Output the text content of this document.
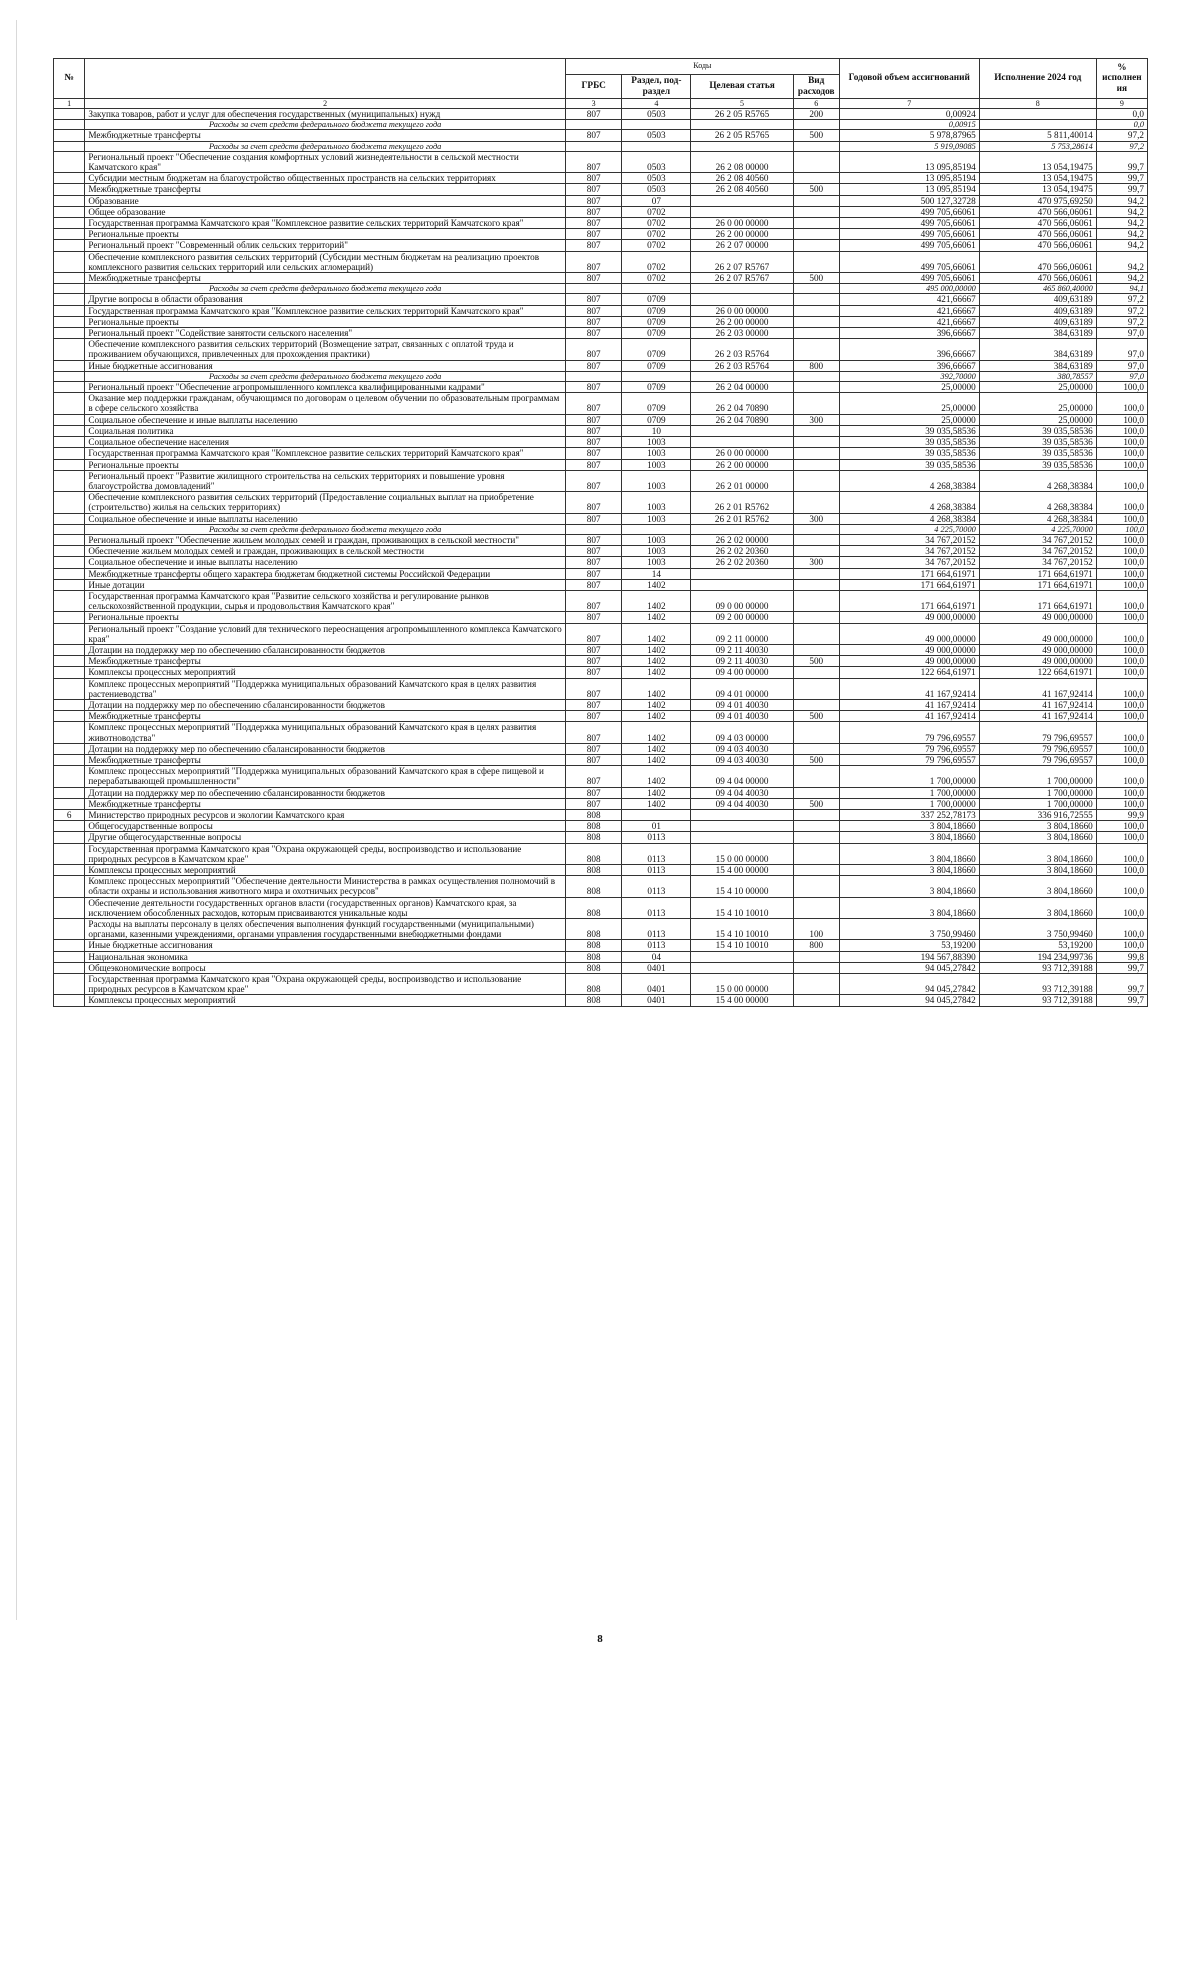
№		Коды				Годовой объем ассигнований	Исполнение 2024 год	% исполнения
		ГРБС	Раздел, под-раздел	Целевая статья	Вид расходов			
1	2	3	4	5	6	7	8	9
	Закупка товаров, работ и услуг для обеспечения государственных (муниципальных) нужд	807	0503	26 2 05 R5765	200	0,00924		0,0
	Расходы за счет средств федерального бюджета текущего года					0,00915		0,0
	Межбюджетные трансферты	807	0503	26 2 05 R5765	500	5 978,87965	5 811,40014	97,2
	Расходы за счет средств федерального бюджета текущего года					5 919,09085	5 753,28614	97,2
	Региональный проект "Обеспечение создания комфортных условий жизнедеятельности в сельской местности Камчатского края"	807	0503	26 2 08 00000		13 095,85194	13 054,19475	99,7
	Субсидии местным бюджетам на благоустройство общественных пространств на сельских территориях	807	0503	26 2 08 40560		13 095,85194	13 054,19475	99,7
	Межбюджетные трансферты	807	0503	26 2 08 40560	500	13 095,85194	13 054,19475	99,7
	Образование	807	07			500 127,32728	470 975,69250	94,2
	Общее образование	807	0702			499 705,66061	470 566,06061	94,2
	Государственная программа Камчатского края "Комплексное развитие сельских территорий Камчатского края"	807	0702	26 0 00 00000		499 705,66061	470 566,06061	94,2
	Региональные проекты	807	0702	26 2 00 00000		499 705,66061	470 566,06061	94,2
	Региональный проект "Современный облик сельских территорий"	807	0702	26 2 07 00000		499 705,66061	470 566,06061	94,2
	Обеспечение комплексного развития сельских территорий (Субсидии местным бюджетам на реализацию проектов комплексного развития сельских территорий или сельских агломераций)	807	0702	26 2 07 R5767		499 705,66061	470 566,06061	94,2
	Межбюджетные трансферты	807	0702	26 2 07 R5767	500	499 705,66061	470 566,06061	94,2
	Расходы за счет средств федерального бюджета текущего года					495 000,00000	465 860,40000	94,1
	Другие вопросы в области образования	807	0709			421,66667	409,63189	97,2
	Государственная программа Камчатского края "Комплексное развитие сельских территорий Камчатского края"	807	0709	26 0 00 00000		421,66667	409,63189	97,2
	Региональные проекты	807	0709	26 2 00 00000		421,66667	409,63189	97,2
	Региональный проект "Содействие занятости сельского населения"	807	0709	26 2 03 00000		396,66667	384,63189	97,0
	Обеспечение комплексного развития сельских территорий (Возмещение затрат, связанных с оплатой труда и проживанием обучающихся, привлеченных для прохождения практики)	807	0709	26 2 03 R5764		396,66667	384,63189	97,0
	Иные бюджетные ассигнования	807	0709	26 2 03 R5764	800	396,66667	384,63189	97,0
	Расходы за счет средств федерального бюджета текущего года					392,70000	380,78557	97,0
	Региональный проект "Обеспечение агропромышленного комплекса квалифицированными кадрами"	807	0709	26 2 04 00000		25,00000	25,00000	100,0
	Оказание мер поддержки гражданам, обучающимся по договорам о целевом обучении по образовательным программам в сфере сельского хозяйства	807	0709	26 2 04 70890		25,00000	25,00000	100,0
	Социальное обеспечение и иные выплаты населению	807	0709	26 2 04 70890	300	25,00000	25,00000	100,0
	Социальная политика	807	10			39 035,58536	39 035,58536	100,0
	Социальное обеспечение населения	807	1003			39 035,58536	39 035,58536	100,0
	Государственная программа Камчатского края "Комплексное развитие сельских территорий Камчатского края"	807	1003	26 0 00 00000		39 035,58536	39 035,58536	100,0
	Региональные проекты	807	1003	26 2 00 00000		39 035,58536	39 035,58536	100,0
	Региональный проект "Развитие жилищного строительства на сельских территориях и повышение уровня благоустройства домовладений"	807	1003	26 2 01 00000		4 268,38384	4 268,38384	100,0
	Обеспечение комплексного развития сельских территорий (Предоставление социальных выплат на приобретение (строительство) жилья на сельских территориях)	807	1003	26 2 01 R5762		4 268,38384	4 268,38384	100,0
	Социальное обеспечение и иные выплаты населению	807	1003	26 2 01 R5762	300	4 268,38384	4 268,38384	100,0
	Расходы за счет средств федерального бюджета текущего года					4 225,70000	4 225,70000	100,0
	Региональный проект "Обеспечение жильем молодых семей и граждан, проживающих в сельской местности"	807	1003	26 2 02 00000		34 767,20152	34 767,20152	100,0
	Обеспечение жильем молодых семей и граждан, проживающих в сельской местности	807	1003	26 2 02 20360		34 767,20152	34 767,20152	100,0
	Социальное обеспечение и иные выплаты населению	807	1003	26 2 02 20360	300	34 767,20152	34 767,20152	100,0
	Межбюджетные трансферты общего характера бюджетам бюджетной системы Российской Федерации	807	14			171 664,61971	171 664,61971	100,0
	Иные дотации	807	1402			171 664,61971	171 664,61971	100,0
	Государственная программа Камчатского края "Развитие сельского хозяйства и регулирование рынков сельскохозяйственной продукции, сырья и продовольствия Камчатского края"	807	1402	09 0 00 00000		171 664,61971	171 664,61971	100,0
	Региональные проекты	807	1402	09 2 00 00000		49 000,00000	49 000,00000	100,0
	Региональный проект "Создание условий для технического переоснащения агропромышленного комплекса Камчатского края"	807	1402	09 2 11 00000		49 000,00000	49 000,00000	100,0
	Дотации на поддержку мер по обеспечению сбалансированности бюджетов	807	1402	09 2 11 40030		49 000,00000	49 000,00000	100,0
	Межбюджетные трансферты	807	1402	09 2 11 40030	500	49 000,00000	49 000,00000	100,0
	Комплексы процессных мероприятий	807	1402	09 4 00 00000		122 664,61971	122 664,61971	100,0
	Комплекс процессных мероприятий "Поддержка муниципальных образований Камчатского края в целях развития растениеводства"	807	1402	09 4 01 00000		41 167,92414	41 167,92414	100,0
	Дотации на поддержку мер по обеспечению сбалансированности бюджетов	807	1402	09 4 01 40030		41 167,92414	41 167,92414	100,0
	Межбюджетные трансферты	807	1402	09 4 01 40030	500	41 167,92414	41 167,92414	100,0
	Комплекс процессных мероприятий "Поддержка муниципальных образований Камчатского края в целях развития животноводства"	807	1402	09 4 03 00000		79 796,69557	79 796,69557	100,0
	Дотации на поддержку мер по обеспечению сбалансированности бюджетов	807	1402	09 4 03 40030		79 796,69557	79 796,69557	100,0
	Межбюджетные трансферты	807	1402	09 4 03 40030	500	79 796,69557	79 796,69557	100,0
	Комплекс процессных мероприятий "Поддержка муниципальных образований Камчатского края в сфере пищевой и перерабатывающей промышленности"	807	1402	09 4 04 00000		1 700,00000	1 700,00000	100,0
	Дотации на поддержку мер по обеспечению сбалансированности бюджетов	807	1402	09 4 04 40030		1 700,00000	1 700,00000	100,0
	Межбюджетные трансферты	807	1402	09 4 04 40030	500	1 700,00000	1 700,00000	100,0
6	Министерство природных ресурсов и экологии Камчатского края	808				337 252,78173	336 916,72555	99,9
	Общегосударственные вопросы	808	01			3 804,18660	3 804,18660	100,0
	Другие общегосударственные вопросы	808	0113			3 804,18660	3 804,18660	100,0
	Государственная программа Камчатского края "Охрана окружающей среды, воспроизводство и использование природных ресурсов в Камчатском крае"	808	0113	15 0 00 00000		3 804,18660	3 804,18660	100,0
	Комплексы процессных мероприятий	808	0113	15 4 00 00000		3 804,18660	3 804,18660	100,0
	Комплекс процессных мероприятий "Обеспечение деятельности Министерства в рамках осуществления полномочий в области охраны и использования животного мира и охотничьих ресурсов"	808	0113	15 4 10 00000		3 804,18660	3 804,18660	100,0
	Обеспечение деятельности государственных органов власти (государственных органов) Камчатского края, за исключением обособленных расходов, которым присваиваются уникальные коды	808	0113	15 4 10 10010		3 804,18660	3 804,18660	100,0
	Расходы на выплаты персоналу в целях обеспечения выполнения функций государственными (муниципальными) органами, казенными учреждениями, органами управления государственными внебюджетными фондами	808	0113	15 4 10 10010	100	3 750,99460	3 750,99460	100,0
	Иные бюджетные ассигнования	808	0113	15 4 10 10010	800	53,19200	53,19200	100,0
	Национальная экономика	808	04			194 567,88390	194 234,99736	99,8
	Общеэкономические вопросы	808	0401			94 045,27842	93 712,39188	99,7
	Государственная программа Камчатского края "Охрана окружающей среды, воспроизводство и использование природных ресурсов в Камчатском крае"	808	0401	15 0 00 00000		94 045,27842	93 712,39188	99,7
	Комплексы процессных мероприятий	808	0401	15 4 00 00000		94 045,27842	93 712,39188	99,7
8
